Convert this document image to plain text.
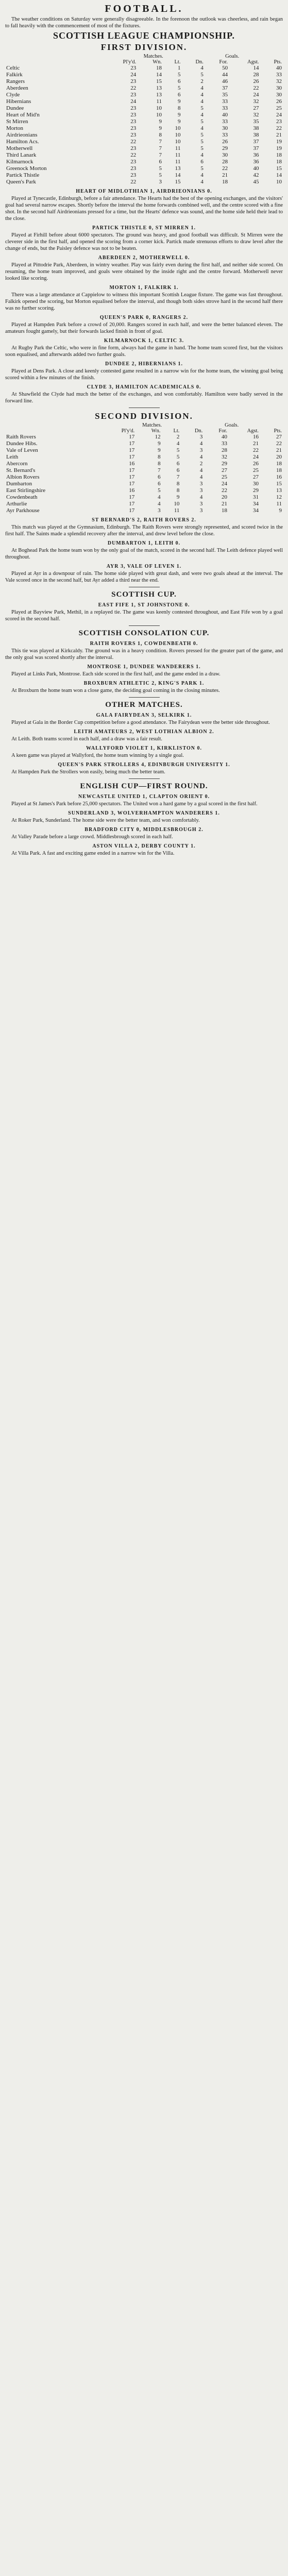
FOOTBALL.

The weather conditions on Saturday were generally disagreeable. In the forenoon the outlook was cheerless, and rain began to fall heavily with the commencement of most of the fixtures.

SCOTTISH LEAGUE CHAMPIONSHIP.
FIRST DIVISION.
	Matches.				Goals.		
	Pl'y'd.	Wn.	Lt.	Dn.	For.	Agst.	Pts.
Celtic	23	18	1	4	50	14	40
Falkirk	24	14	5	5	44	28	33
Rangers	23	15	6	2	46	26	32
Aberdeen	22	13	5	4	37	22	30
Clyde	23	13	6	4	35	24	30
Hibernians	24	11	9	4	33	32	26
Dundee	23	10	8	5	33	27	25
Heart of Mid'n	23	10	9	4	40	32	24
St Mirren	23	9	9	5	33	35	23
Morton	23	9	10	4	30	38	22
Airdrieonians	23	8	10	5	33	38	21
Hamilton Acs.	22	7	10	5	26	37	19
Motherwell	23	7	11	5	29	37	19
Third Lanark	22	7	11	4	30	36	18
Kilmarnock	23	6	11	6	28	36	18
Greenock Morton	23	5	13	5	22	40	15
Partick Thistle	23	5	14	4	21	42	14
Queen's Park	22	3	15	4	18	45	10
HEART OF MIDLOTHIAN 1, AIRDRIEONIANS 0.

Played at Tynecastle, Edinburgh, before a fair attendance. The Hearts had the best of the opening exchanges, and the visitors' goal had several narrow escapes. Shortly before the interval the home forwards combined well, and the centre scored with a fine shot. In the second half Airdrieonians pressed for a time, but the Hearts' defence was sound, and the home side held their lead to the close.

PARTICK THISTLE 0, ST MIRREN 1.

Played at Firhill before about 6000 spectators. The ground was heavy, and good football was difficult. St Mirren were the cleverer side in the first half, and opened the scoring from a corner kick. Partick made strenuous efforts to draw level after the change of ends, but the Paisley defence was not to be beaten.

ABERDEEN 2, MOTHERWELL 0.

Played at Pittodrie Park, Aberdeen, in wintry weather. Play was fairly even during the first half, and neither side scored. On resuming, the home team improved, and goals were obtained by the inside right and the centre forward. Motherwell never looked like scoring.

MORTON 1, FALKIRK 1.

There was a large attendance at Cappielow to witness this important Scottish League fixture. The game was fast throughout. Falkirk opened the scoring, but Morton equalised before the interval, and though both sides strove hard in the second half there was no further scoring.

QUEEN'S PARK 0, RANGERS 2.

Played at Hampden Park before a crowd of 20,000. Rangers scored in each half, and were the better balanced eleven. The amateurs fought gamely, but their forwards lacked finish in front of goal.

KILMARNOCK 1, CELTIC 3.

At Rugby Park the Celtic, who were in fine form, always had the game in hand. The home team scored first, but the visitors soon equalised, and afterwards added two further goals.

DUNDEE 2, HIBERNIANS 1.

Played at Dens Park. A close and keenly contested game resulted in a narrow win for the home team, the winning goal being scored within a few minutes of the finish.

CLYDE 3, HAMILTON ACADEMICALS 0.

At Shawfield the Clyde had much the better of the exchanges, and won comfortably. Hamilton were badly served in the forward line.

SECOND DIVISION.
	Matches.				Goals.		
	Pl'y'd.	Wn.	Lt.	Dn.	For.	Agst.	Pts.
Raith Rovers	17	12	2	3	40	16	27
Dundee Hibs.	17	9	4	4	33	21	22
Vale of Leven	17	9	5	3	28	22	21
Leith	17	8	5	4	32	24	20
Abercorn	16	8	6	2	29	26	18
St. Bernard's	17	7	6	4	27	25	18
Albion Rovers	17	6	7	4	25	27	16
Dumbarton	17	6	8	3	24	30	15
East Stirlingshire	16	5	8	3	22	29	13
Cowdenbeath	17	4	9	4	20	31	12
Arthurlie	17	4	10	3	21	34	11
Ayr Parkhouse	17	3	11	3	18	34	9
ST BERNARD'S 2, RAITH ROVERS 2.

This match was played at the Gymnasium, Edinburgh. The Raith Rovers were strongly represented, and scored twice in the first half. The Saints made a splendid recovery after the interval, and drew level before the close.

DUMBARTON 1, LEITH 0.

At Boghead Park the home team won by the only goal of the match, scored in the second half. The Leith defence played well throughout.

AYR 3, VALE OF LEVEN 1.

Played at Ayr in a downpour of rain. The home side played with great dash, and were two goals ahead at the interval. The Vale scored once in the second half, but Ayr added a third near the end.

SCOTTISH CUP.
EAST FIFE 1, ST JOHNSTONE 0.

Played at Bayview Park, Methil, in a replayed tie. The game was keenly contested throughout, and East Fife won by a goal scored in the second half.

SCOTTISH CONSOLATION CUP.
RAITH ROVERS 1, COWDENBEATH 0.

This tie was played at Kirkcaldy. The ground was in a heavy condition. Rovers pressed for the greater part of the game, and the only goal was scored shortly after the interval.

MONTROSE 1, DUNDEE WANDERERS 1.

Played at Links Park, Montrose. Each side scored in the first half, and the game ended in a draw.

BROXBURN ATHLETIC 2, KING'S PARK 1.

At Broxburn the home team won a close game, the deciding goal coming in the closing minutes.

OTHER MATCHES.
GALA FAIRYDEAN 3, SELKIRK 1.

Played at Gala in the Border Cup competition before a good attendance. The Fairydean were the better side throughout.

LEITH AMATEURS 2, WEST LOTHIAN ALBION 2.

At Leith. Both teams scored in each half, and a draw was a fair result.

WALLYFORD VIOLET 1, KIRKLISTON 0.

A keen game was played at Wallyford, the home team winning by a single goal.

QUEEN'S PARK STROLLERS 4, EDINBURGH UNIVERSITY 1.

At Hampden Park the Strollers won easily, being much the better team.

ENGLISH CUP—FIRST ROUND.
NEWCASTLE UNITED 1, CLAPTON ORIENT 0.

Played at St James's Park before 25,000 spectators. The United won a hard game by a goal scored in the first half.

SUNDERLAND 3, WOLVERHAMPTON WANDERERS 1.

At Roker Park, Sunderland. The home side were the better team, and won comfortably.

BRADFORD CITY 0, MIDDLESBROUGH 2.

At Valley Parade before a large crowd. Middlesbrough scored in each half.

ASTON VILLA 2, DERBY COUNTY 1.

At Villa Park. A fast and exciting game ended in a narrow win for the Villa.
